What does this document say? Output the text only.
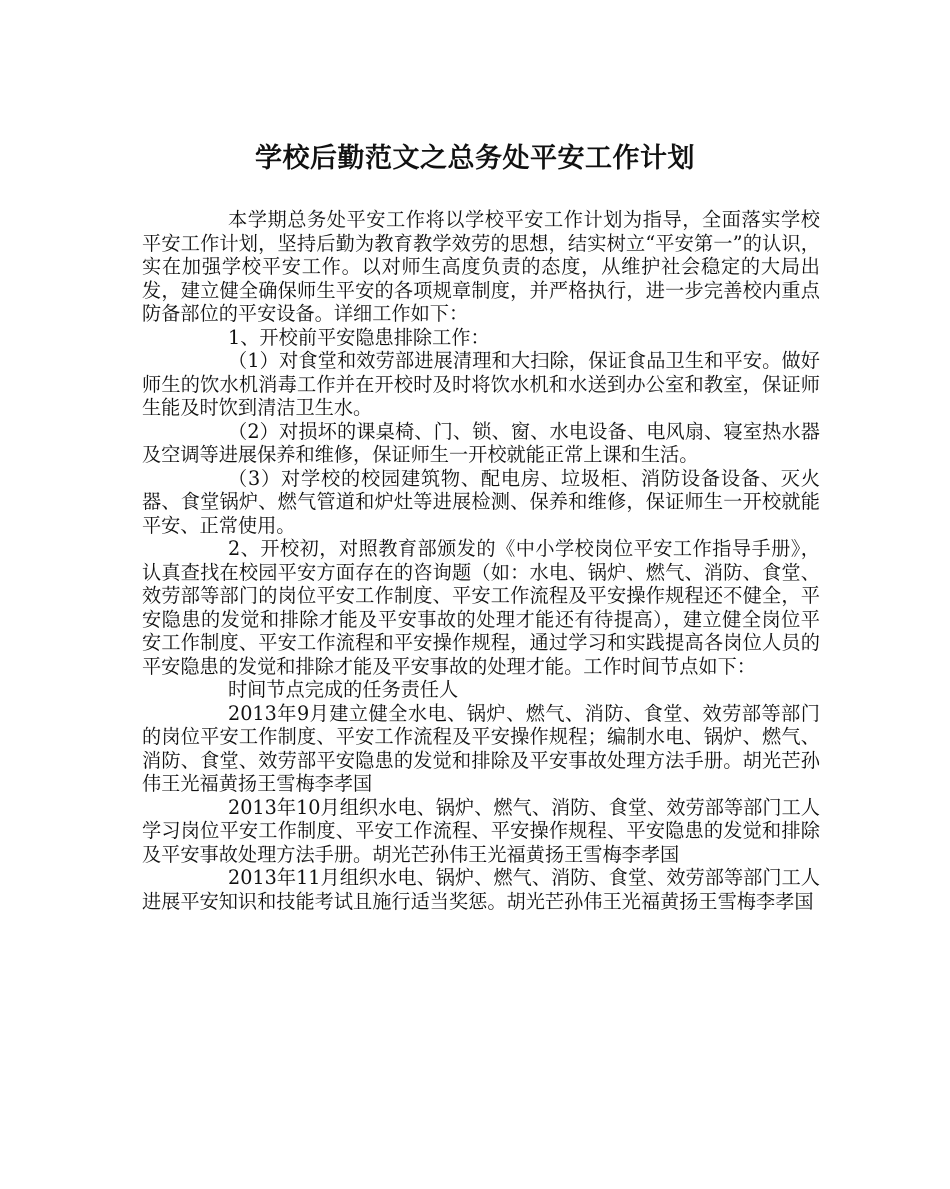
学校后勤范文之总务处平安工作计划

本学期总务处平安工作将以学校平安工作计划为指导，全面落实学校平安工作计划，坚持后勤为教育教学效劳的思想，结实树立“平安第一”的认识，实在加强学校平安工作。以对师生高度负责的态度，从维护社会稳定的大局出发，建立健全确保师生平安的各项规章制度，并严格执行，进一步完善校内重点防备部位的平安设备。详细工作如下：

1、开校前平安隐患排除工作：

（1）对食堂和效劳部进展清理和大扫除，保证食品卫生和平安。做好师生的饮水机消毒工作并在开校时及时将饮水机和水送到办公室和教室，保证师生能及时饮到清洁卫生水。

（2）对损坏的课桌椅、门、锁、窗、水电设备、电风扇、寝室热水器及空调等进展保养和维修，保证师生一开校就能正常上课和生活。

（3）对学校的校园建筑物、配电房、垃圾柜、消防设备设备、灭火器、食堂锅炉、燃气管道和炉灶等进展检测、保养和维修，保证师生一开校就能平安、正常使用。

2、开校初，对照教育部颁发的《中小学校岗位平安工作指导手册》，认真查找在校园平安方面存在的咨询题（如：水电、锅炉、燃气、消防、食堂、效劳部等部门的岗位平安工作制度、平安工作流程及平安操作规程还不健全，平安隐患的发觉和排除才能及平安事故的处理才能还有待提高），建立健全岗位平安工作制度、平安工作流程和平安操作规程，通过学习和实践提高各岗位人员的平安隐患的发觉和排除才能及平安事故的处理才能。工作时间节点如下：

时间节点完成的任务责任人

2013年9月建立健全水电、锅炉、燃气、消防、食堂、效劳部等部门的岗位平安工作制度、平安工作流程及平安操作规程；编制水电、锅炉、燃气、消防、食堂、效劳部平安隐患的发觉和排除及平安事故处理方法手册。胡光芒孙伟王光福黄扬王雪梅李孝国

2013年10月组织水电、锅炉、燃气、消防、食堂、效劳部等部门工人学习岗位平安工作制度、平安工作流程、平安操作规程、平安隐患的发觉和排除及平安事故处理方法手册。胡光芒孙伟王光福黄扬王雪梅李孝国

2013年11月组织水电、锅炉、燃气、消防、食堂、效劳部等部门工人进展平安知识和技能考试且施行适当奖惩。胡光芒孙伟王光福黄扬王雪梅李孝国
